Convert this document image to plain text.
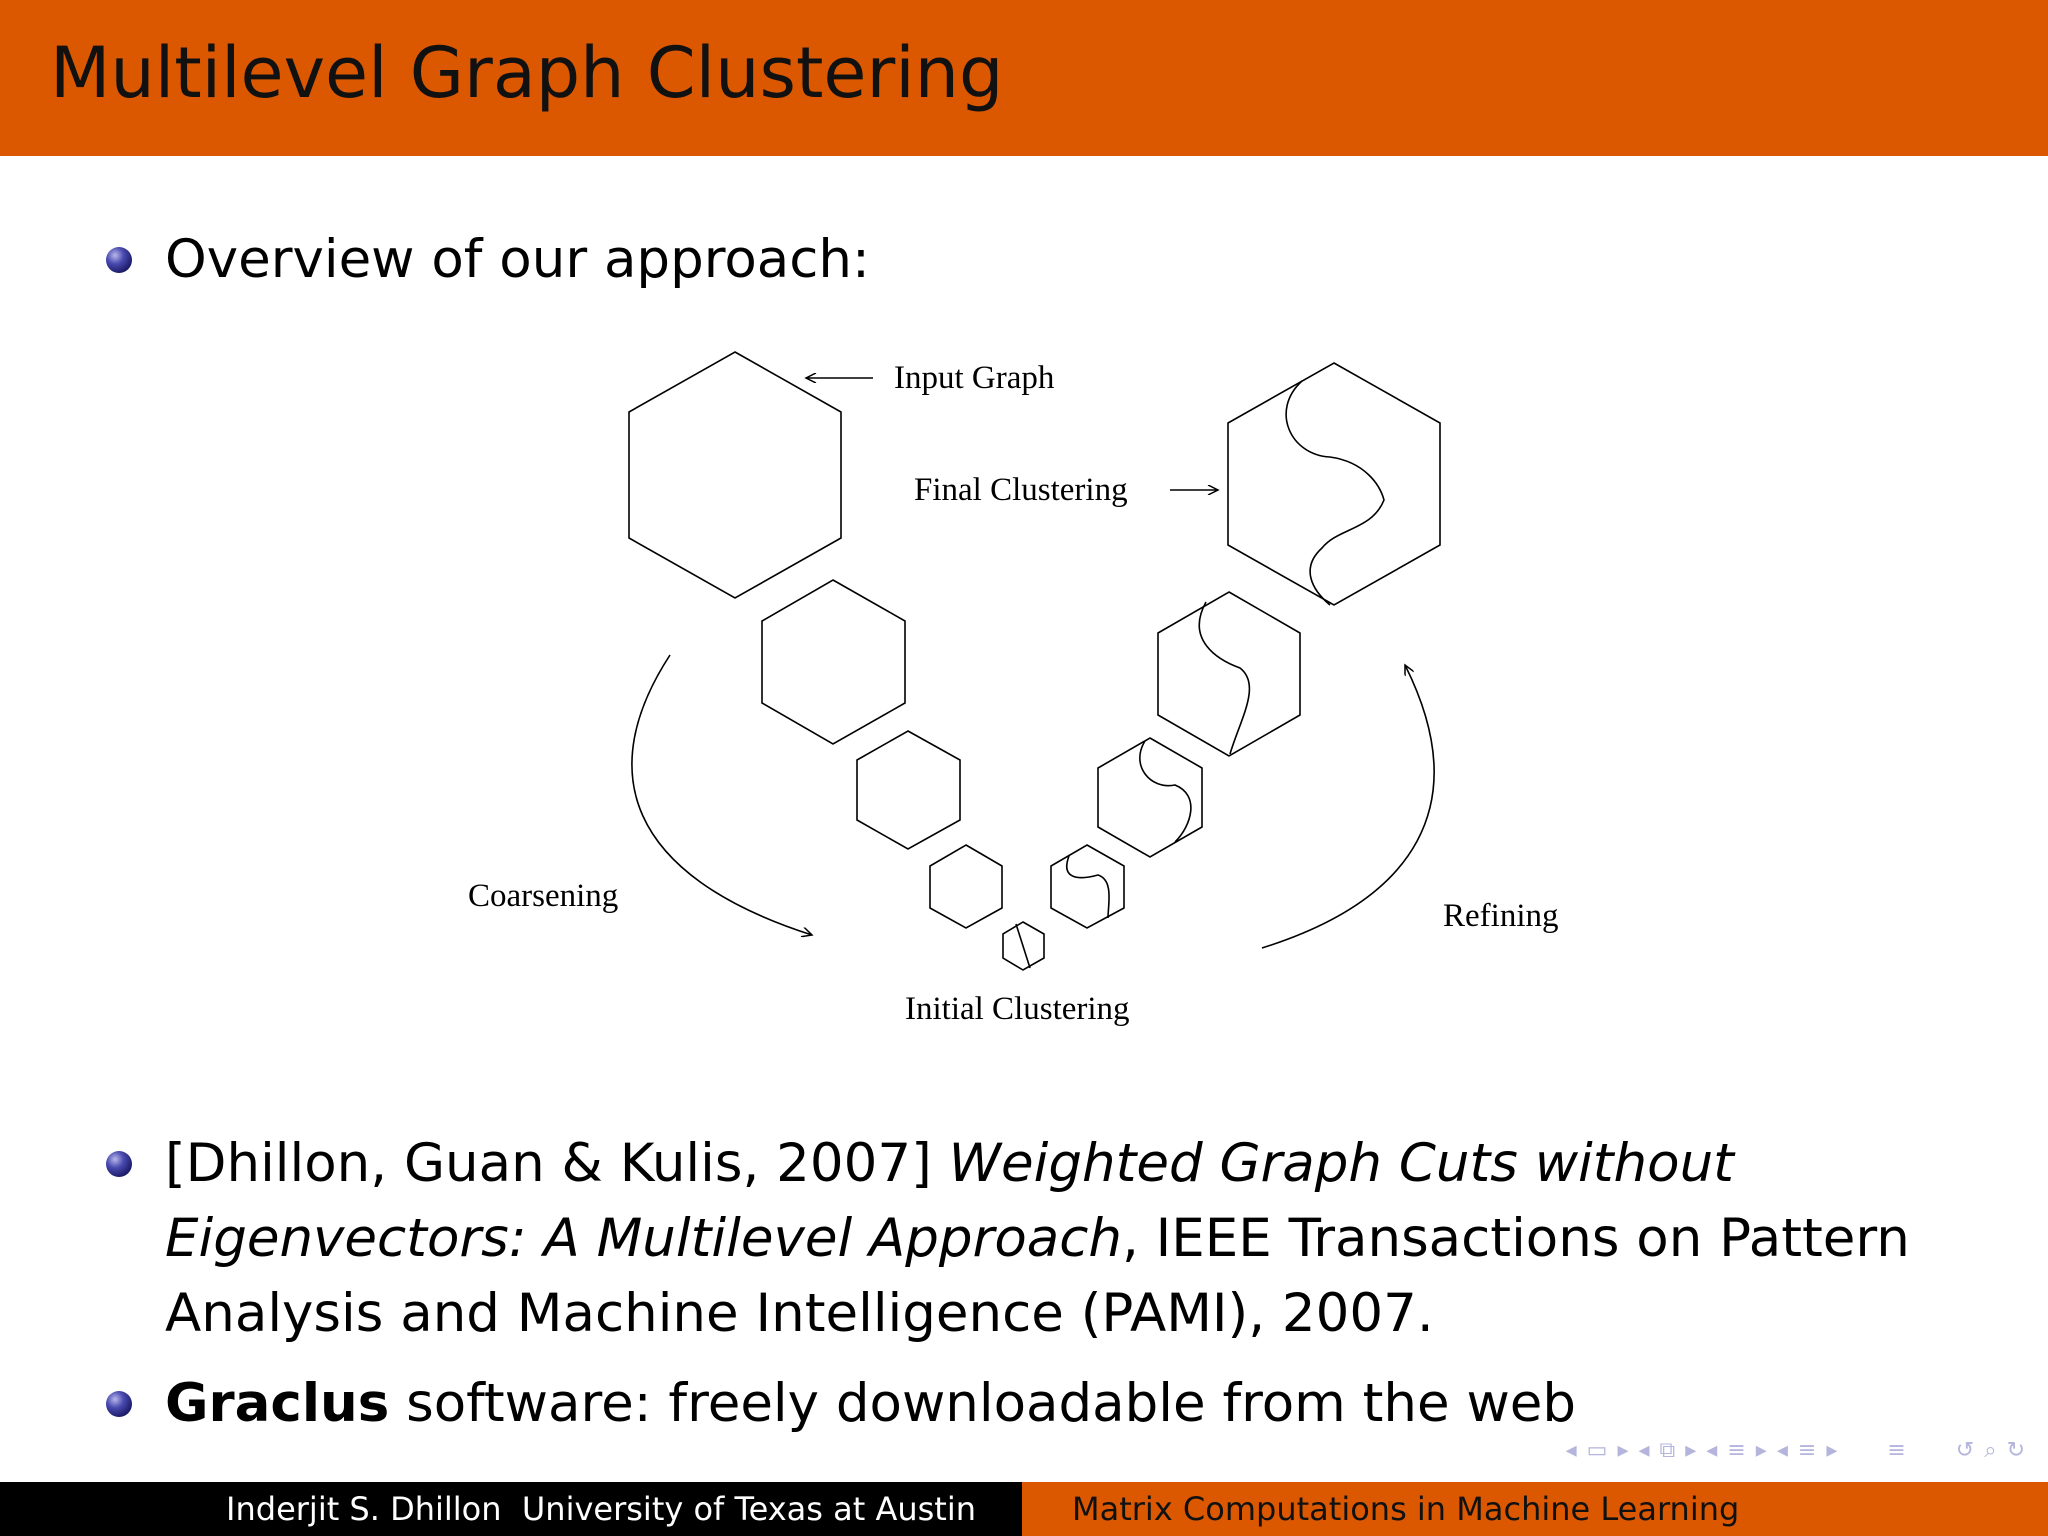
Multilevel Graph Clustering
Overview of our approach:
Input Graph
Final Clustering
Coarsening
Refining
Initial Clustering
[Dhillon, Guan & Kulis, 2007] Weighted Graph Cuts without
Eigenvectors: A Multilevel Approach, IEEE Transactions on Pattern
Analysis and Machine Intelligence (PAMI), 2007.
Graclus software: freely downloadable from the web
◂ ▭ ▸ ◂ ⧉ ▸ ◂ ≡ ▸ ◂ ≡ ▸ ≡ ↺ ⌕ ↻
Inderjit S. Dhillon University of Texas at Austin	Matrix Computations in Machine Learning
